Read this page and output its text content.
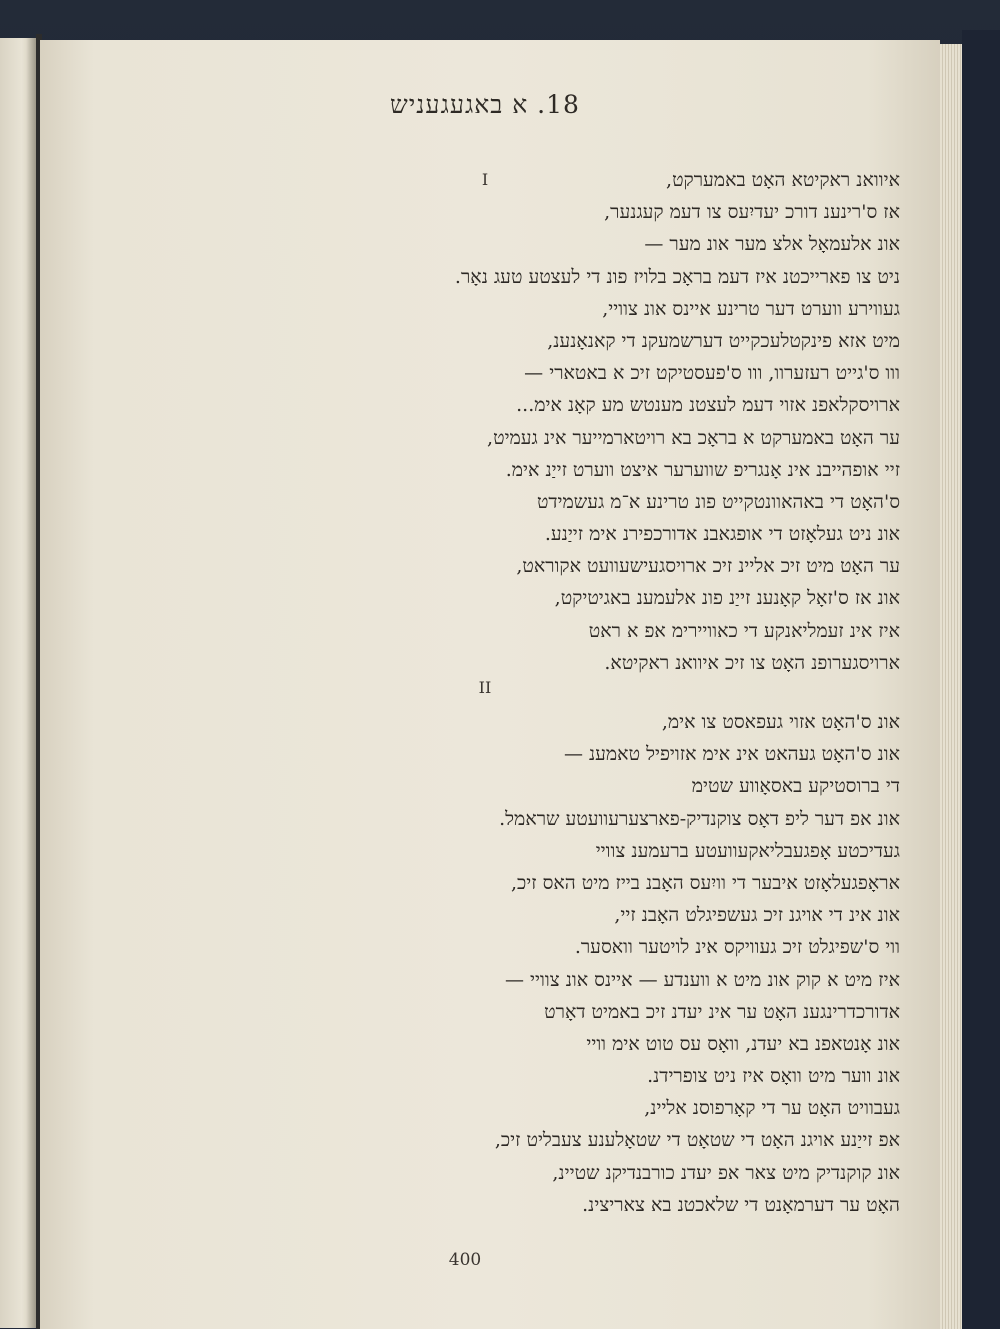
18. א באגעגעניש
I	איוואנ ראקיטא האָט באמערקט,
אז ס'רינענ דורכ יעדיִעס צו דעמ קעגנער,
אונ אלעמאָל אלצ מער אונ מער —
ניט צו פארייכטנ איז דעמ בראָכ בלויז פונ די לעצטע טעג נאָר.
געווירע ווערט דער טרינע איינס אונ צוויי,
מיט אזא פינקטלעכקייט דערשמעקנ די קאנאָנענ,
ווו ס'גייט רעזערוו, ווו ס'פעסטיקט זיכ א באטארי —
ארויסקלאפנ אזוי דעמ לעצטנ מענטש מע קאָנ אימ...
ער האָט באמערקט א בראָכ בא רויטארמייער אינ געמיט,
זיי אופהייבנ אינ אָנגריפ שווערער איצט ווערט זייַנ אימ.
ס'האָט די באהאוונטקייט פונ טרינע א־מ געשמידט
אונ ניט געלאָזט די אופגאבנ אדורכפירנ אימ זייַנע.
ער האָט מיט זיכ אליינ זיכ ארויסגעישעוועט אקוראט,
אונ אז ס'זאָל קאָנענ זייַנ פונ אלעמענ באגיטיקט,
איז אינ זעמליאנקע די כאוויירימ אפ א ראט
ארויסגערופנ האָט צו זיכ איוואנ ראקיטא.
II
אונ ס'האָט אזוי געפאסט צו אימ,
אונ ס'האָט געהאט אינ אימ אזויפיל טאמענ —
די ברוסטיקע באסאָווע שטימ
אונ אפ דער ליפ דאָס צוקנדיק-פארצערעוועטע שראמל.
געדיכטע אָפגעבליאקעוועטע ברעמענ צוויי
אראָפגעלאָזט איבער די וויִעס האָבנ בייז מיט האס זיכ,
אונ אינ די אויגנ זיכ געשפיגלט האָבנ זיי,
ווי ס'שפיגלט זיכ געוויקס אינ לויטער וואסער.
איז מיט א קוק אונ מיט א ווענדע — איינס אונ צוויי —
אדורכדרינגענ האָט ער אינ יעדנ זיכ באמיט דאָרט
אונ אָנטאפנ בא יעדנ, וואָס עס טוט אימ וויי
אונ ווער מיט וואָס איז ניט צופרידנ.
געבוויט האָט ער די קאָרפוסנ אליינ,
אפ זייַנע אויגנ האָט די שטאָט די שטאָלענע צעבליט זיכ,
אונ קוקנדיק מיט צאר אפ יעדנ כורבנדיקנ שטיינ,
האָט ער דערמאָנט די שלאכטנ בא צאריצינ.
400
